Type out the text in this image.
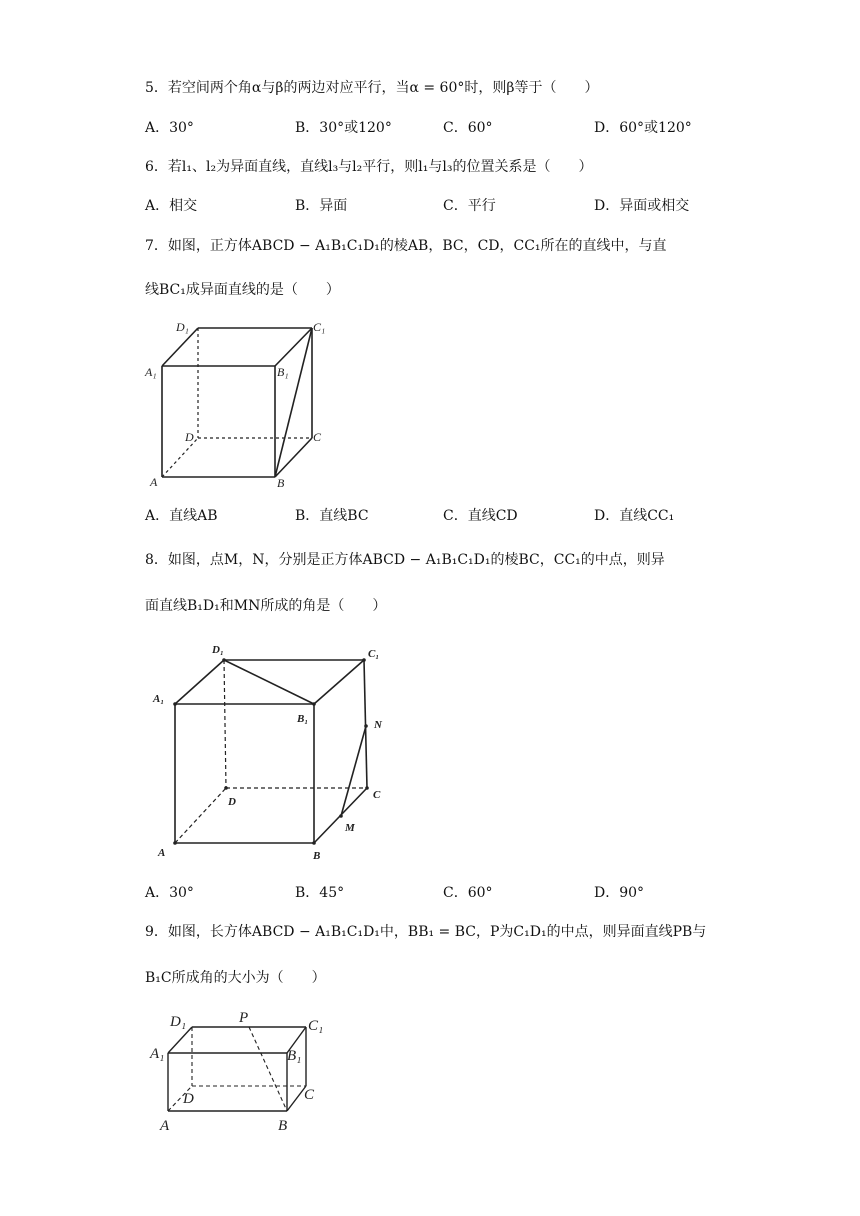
5．若空间两个角α与β的两边对应平行，当α = 60°时，则β等于（　　）
A．30°	B．30°或120°	C．60°	D．60°或120°
6．若l₁、l₂为异面直线，直线l₃与l₂平行，则l₁与l₃的位置关系是（　　）
A．相交	B．异面	C．平行	D．异面或相交
7．如图，正方体ABCD − A₁B₁C₁D₁的棱AB，BC，CD，CC₁所在的直线中，与直
线BC₁成异面直线的是（　　）
D₁	C₁
A₁	B₁
D	C
A	B
A．直线AB	B．直线BC	C．直线CD	D．直线CC₁
8．如图，点M，N，分别是正方体ABCD − A₁B₁C₁D₁的棱BC，CC₁的中点，则异
面直线B₁D₁和MN所成的角是（　　）
D₁	C₁
A₁
B₁	N
D
C
M
A	B
A．30°	B．45°	C．60°	D．90°
9．如图，长方体ABCD − A₁B₁C₁D₁中，BB₁ = BC，P为C₁D₁的中点，则异面直线PB与
B₁C所成角的大小为（　　）
D₁	P	C₁
A₁	B₁
D	C
A	B
